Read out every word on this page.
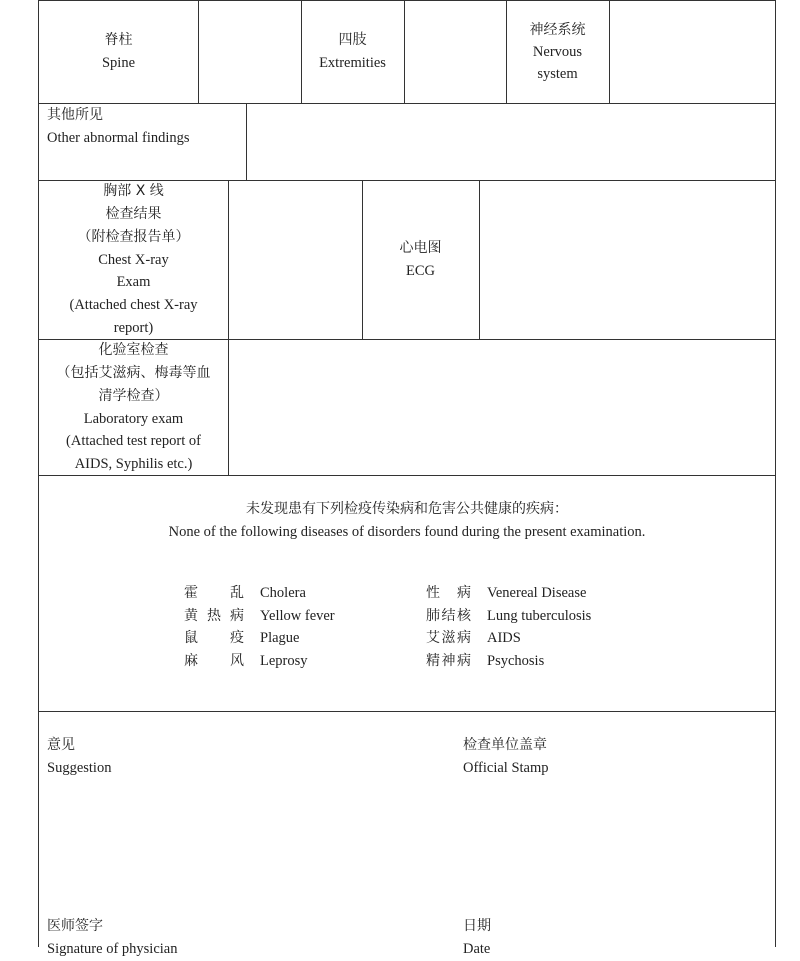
脊柱
Spine
四肢
Extremities
神经系统
Nervous
system
其他所见
Other abnormal findings
胸部 X 线
检查结果
（附检查报告单）
Chest X-ray
Exam
(Attached chest X-ray
report)
心电图
ECG
化验室检查
（包括艾滋病、梅毒等血
清学检查）
Laboratory exam
(Attached test report of
AIDS, Syphilis etc.)
未发现患有下列检疫传染病和危害公共健康的疾病：
None of the following diseases of disorders found during the present examination.
霍乱 Cholera
黄热病 Yellow fever
鼠疫 Plague
麻风 Leprosy
性病 Venereal Disease
肺结核 Lung tuberculosis
艾滋病 AIDS
精神病 Psychosis
意见
Suggestion
检查单位盖章
Official Stamp
医师签字
Signature of physician
日期
Date
